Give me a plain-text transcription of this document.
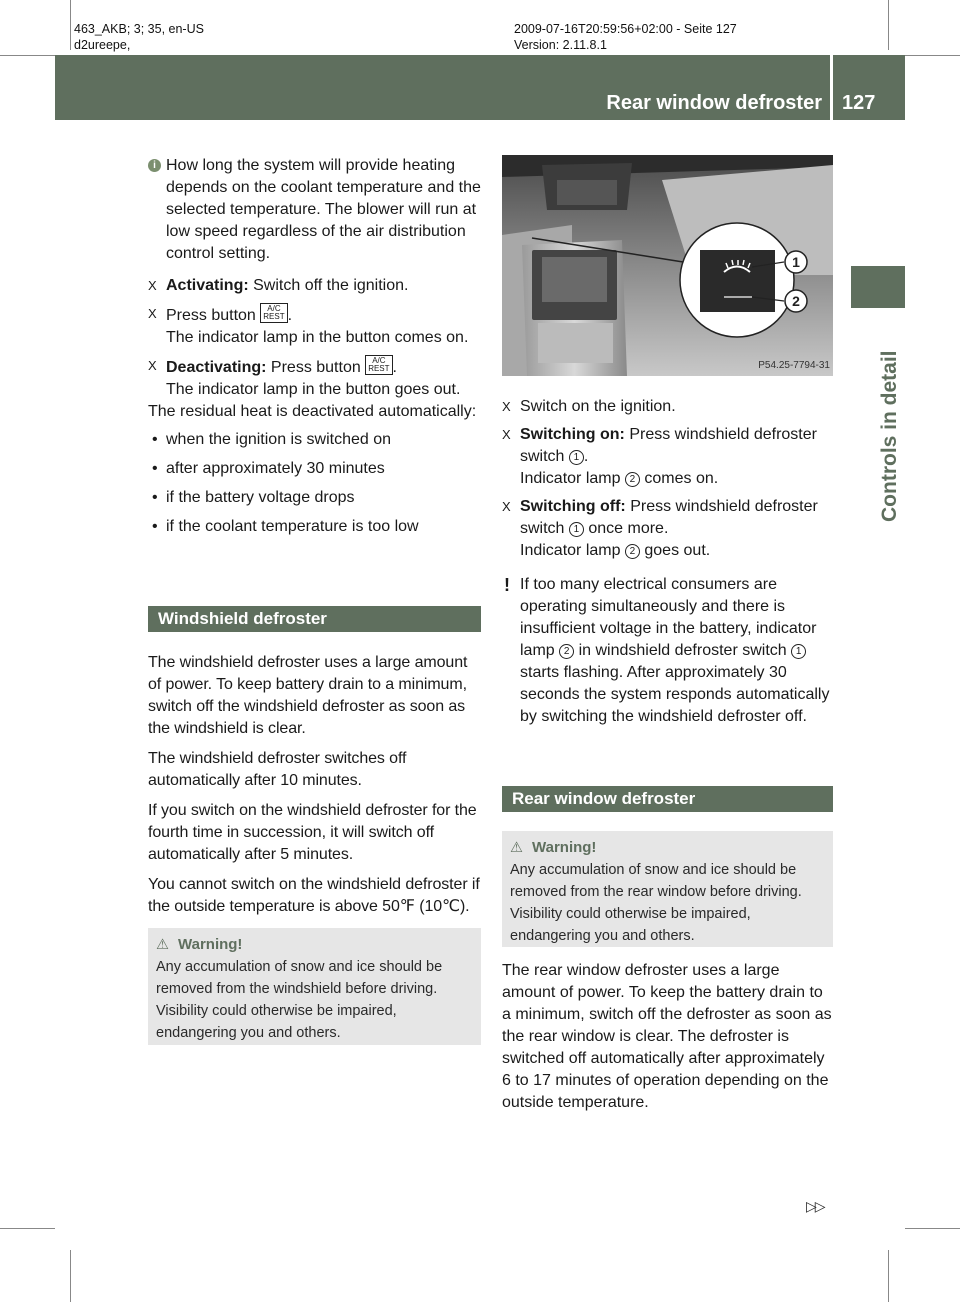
463_AKB; 3; 35, en-US
d2ureepe,
2009-07-16T20:59:56+02:00 - Seite 127
Version: 2.11.8.1
Rear window defroster 127
Controls in detail

i How long the system will provide heating depends on the coolant temperature and the selected temperature. The blower will run at low speed regardless of the air distribution control setting.

X Activating: Switch off the ignition.

X Press button A/C
REST .
The indicator lamp in the button comes on.

X Deactivating: Press button A/C
REST .
The indicator lamp in the button goes out.

The residual heat is deactivated automatically:

• when the ignition is switched on

• after approximately 30 minutes

• if the battery voltage drops

• if the coolant temperature is too low

Windshield defroster

The windshield defroster uses a large amount of power. To keep battery drain to a minimum, switch off the windshield defroster as soon as the windshield is clear.

The windshield defroster switches off automatically after 10 minutes.

If you switch on the windshield defroster for the fourth time in succession, it will switch off automatically after 5 minutes.

You cannot switch on the windshield defroster if the outside temperature is above 50℉ (10℃).

⚠ Warning!
Any accumulation of snow and ice should be removed from the windshield before driving. Visibility could otherwise be impaired, endangering you and others.
1
2
P54.25-7794-31

X Switch on the ignition.

X Switching on: Press windshield defroster switch 1 .
Indicator lamp 2 comes on.

X Switching off: Press windshield defroster switch 1 once more.
Indicator lamp 2 goes out.

! If too many electrical consumers are operating simultaneously and there is insufficient voltage in the battery, indicator lamp 2 in windshield defroster switch 1 starts flashing. After approximately 30 seconds the system responds automatically by switching the windshield defroster off.

Rear window defroster
⚠ Warning!
Any accumulation of snow and ice should be removed from the rear window before driving. Visibility could otherwise be impaired, endangering you and others.

The rear window defroster uses a large amount of power. To keep the battery drain to a minimum, switch off the defroster as soon as the rear window is clear. The defroster is switched off automatically after approximately 6 to 17 minutes of operation depending on the outside temperature.

▷▷
